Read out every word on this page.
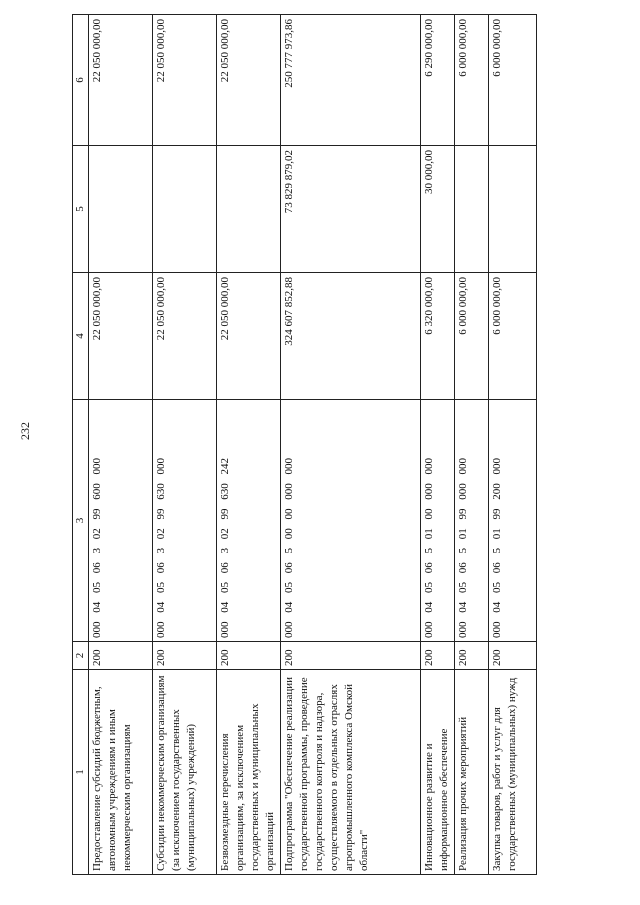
232
1	2	3	4	5	6
Предоставление субсидий бюджетным, автономным учреждениям и иным некоммерческим организациям	200	000 04 05 06 3 02 99 600 000	22 050 000,00		22 050 000,00
Субсидии некоммерческим организациям (за исключением государственных (муниципальных) учреждений)	200	000 04 05 06 3 02 99 630 000	22 050 000,00		22 050 000,00
Безвозмездные перечисления организациям, за исключением государственных и муниципальных организаций	200	000 04 05 06 3 02 99 630 242	22 050 000,00		22 050 000,00
Подпрограмма "Обеспечение реализации государственной программы, проведение государственного контроля и надзора, осуществляемого в отдельных отраслях агропромышленного комплекса Омской области"	200	000 04 05 06 5 00 00 000 000	324 607 852,88	73 829 879,02	250 777 973,86
Инновационное развитие и информационное обеспечение	200	000 04 05 06 5 01 00 000 000	6 320 000,00	30 000,00	6 290 000,00
Реализация прочих мероприятий	200	000 04 05 06 5 01 99 000 000	6 000 000,00		6 000 000,00
Закупка товаров, работ и услуг для государственных (муниципальных) нужд	200	000 04 05 06 5 01 99 200 000	6 000 000,00		6 000 000,00
